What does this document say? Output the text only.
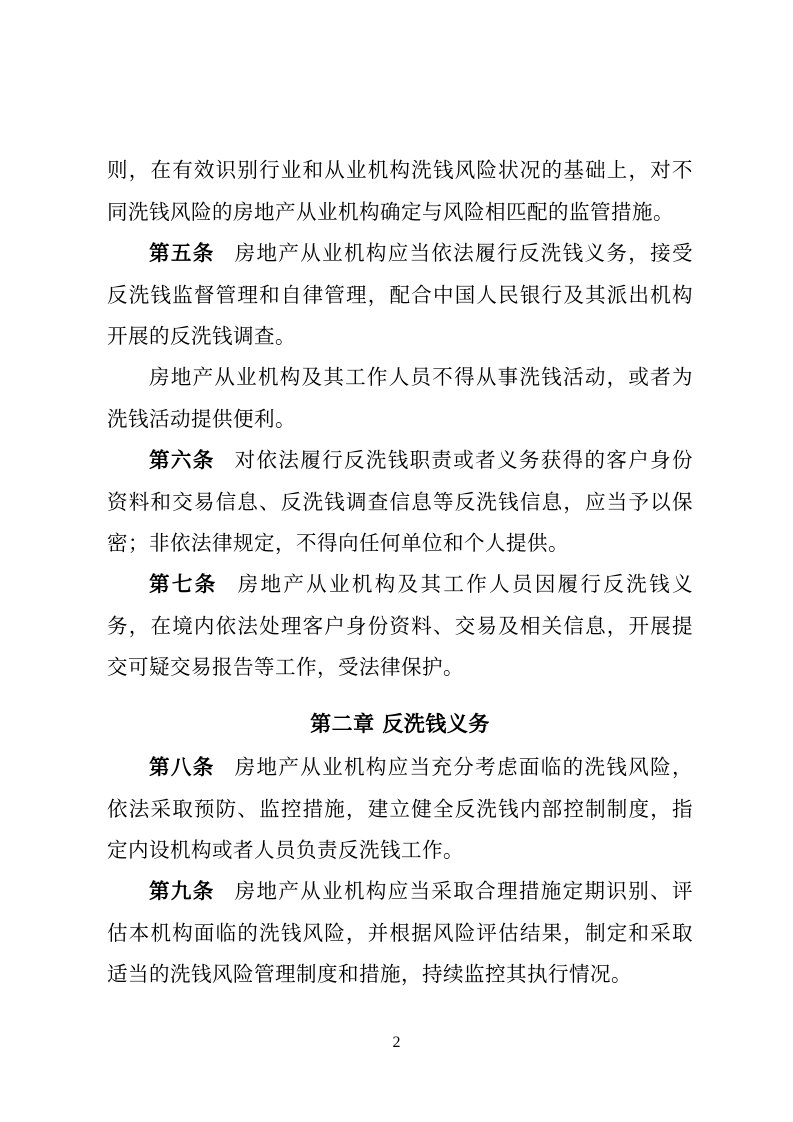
则，在有效识别行业和从业机构洗钱风险状况的基础上，对不同洗钱风险的房地产从业机构确定与风险相匹配的监管措施。

第五条 房地产从业机构应当依法履行反洗钱义务，接受反洗钱监督管理和自律管理，配合中国人民银行及其派出机构开展的反洗钱调查。

房地产从业机构及其工作人员不得从事洗钱活动，或者为洗钱活动提供便利。

第六条 对依法履行反洗钱职责或者义务获得的客户身份资料和交易信息、反洗钱调查信息等反洗钱信息，应当予以保密；非依法律规定，不得向任何单位和个人提供。

第七条 房地产从业机构及其工作人员因履行反洗钱义务，在境内依法处理客户身份资料、交易及相关信息，开展提交可疑交易报告等工作，受法律保护。

第二章 反洗钱义务

第八条 房地产从业机构应当充分考虑面临的洗钱风险，依法采取预防、监控措施，建立健全反洗钱内部控制制度，指定内设机构或者人员负责反洗钱工作。

第九条 房地产从业机构应当采取合理措施定期识别、评估本机构面临的洗钱风险，并根据风险评估结果，制定和采取适当的洗钱风险管理制度和措施，持续监控其执行情况。

2
